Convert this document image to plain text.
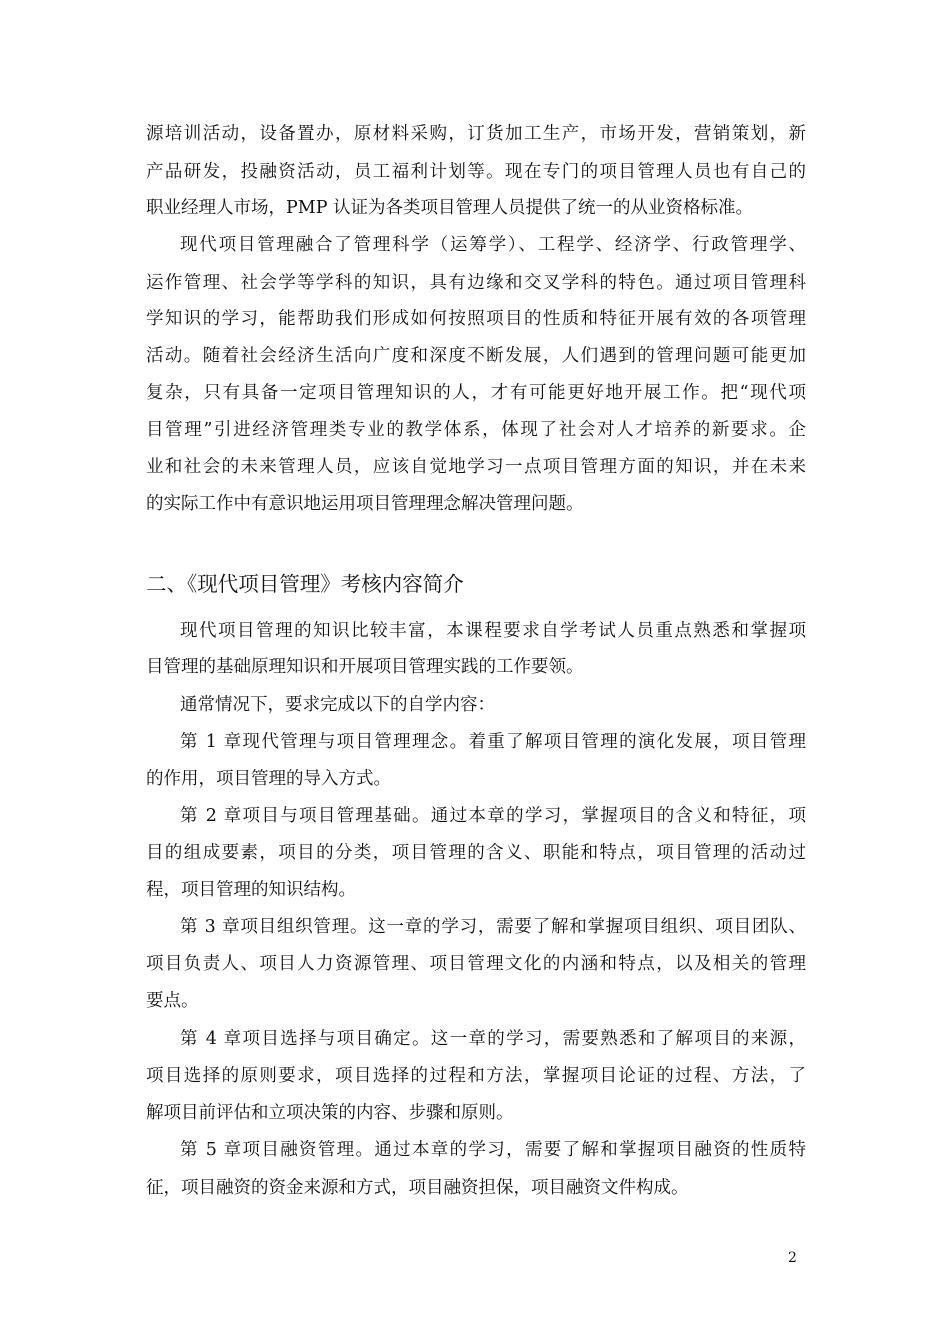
源培训活动，设备置办，原材料采购，订货加工生产，市场开发，营销策划，新
产品研发，投融资活动，员工福利计划等。现在专门的项目管理人员也有自己的
职业经理人市场，PMP 认证为各类项目管理人员提供了统一的从业资格标准。
现代项目管理融合了管理科学（运筹学）、工程学、经济学、行政管理学、
运作管理、社会学等学科的知识，具有边缘和交叉学科的特色。通过项目管理科
学知识的学习，能帮助我们形成如何按照项目的性质和特征开展有效的各项管理
活动。随着社会经济生活向广度和深度不断发展，人们遇到的管理问题可能更加
复杂，只有具备一定项目管理知识的人，才有可能更好地开展工作。把“现代项
目管理”引进经济管理类专业的教学体系，体现了社会对人才培养的新要求。企
业和社会的未来管理人员，应该自觉地学习一点项目管理方面的知识，并在未来
的实际工作中有意识地运用项目管理理念解决管理问题。
二、《现代项目管理》考核内容简介
现代项目管理的知识比较丰富，本课程要求自学考试人员重点熟悉和掌握项
目管理的基础原理知识和开展项目管理实践的工作要领。
通常情况下，要求完成以下的自学内容：
第 1 章现代管理与项目管理理念。着重了解项目管理的演化发展，项目管理
的作用，项目管理的导入方式。
第 2 章项目与项目管理基础。通过本章的学习，掌握项目的含义和特征，项
目的组成要素，项目的分类，项目管理的含义、职能和特点，项目管理的活动过
程，项目管理的知识结构。
第 3 章项目组织管理。这一章的学习，需要了解和掌握项目组织、项目团队、
项目负责人、项目人力资源管理、项目管理文化的内涵和特点，以及相关的管理
要点。
第 4 章项目选择与项目确定。这一章的学习，需要熟悉和了解项目的来源，
项目选择的原则要求，项目选择的过程和方法，掌握项目论证的过程、方法，了
解项目前评估和立项决策的内容、步骤和原则。
第 5 章项目融资管理。通过本章的学习，需要了解和掌握项目融资的性质特
征，项目融资的资金来源和方式，项目融资担保，项目融资文件构成。
2
